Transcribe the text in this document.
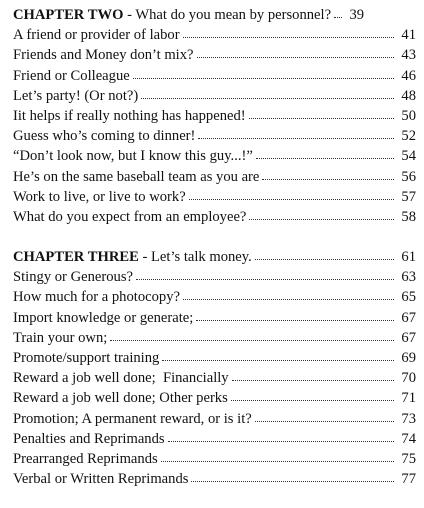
CHAPTER TWO - What do you mean by personnel?	39
A friend or provider of labor	41
Friends and Money don’t mix?	43
Friend or Colleague	46
Let’s party! (Or not?)	48
Iit helps if really nothing has happened!	50
Guess who’s coming to dinner!	52
“Don’t look now, but I know this guy...!”	54
He’s on the same baseball team as you are	56
Work to live, or live to work?	57
What do you expect from an employee?	58
CHAPTER THREE - Let’s talk money.	61
Stingy or Generous?	63
How much for a photocopy?	65
Import knowledge or generate;	67
Train your own;	67
Promote/support training	69
Reward a job well done;  Financially	70
Reward a job well done; Other perks	71
Promotion; A permanent reward, or is it?	73
Penalties and Reprimands	74
Prearranged Reprimands	75
Verbal or Written Reprimands	77
